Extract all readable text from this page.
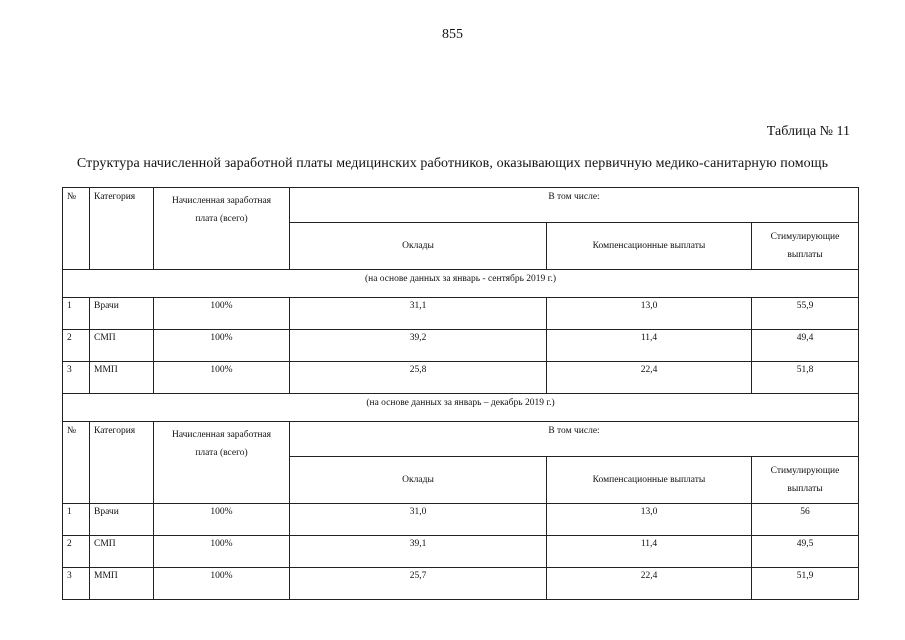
855
Таблица № 11
Структура начисленной заработной платы медицинских работников, оказывающих первичную медико-санитарную помощь
№	Категория	Начисленная заработная
плата (всего)	В том числе:		
			Оклады	Компенсационные выплаты	Стимулирующие
выплаты
(на основе данных за январь - сентябрь 2019 г.)					
1	Врачи	100%	31,1	13,0	55,9
2	СМП	100%	39,2	11,4	49,4
3	ММП	100%	25,8	22,4	51,8
(на основе данных за январь – декабрь 2019 г.)					
№	Категория	Начисленная заработная
плата (всего)	В том числе:		
			Оклады	Компенсационные выплаты	Стимулирующие
выплаты
1	Врачи	100%	31,0	13,0	56
2	СМП	100%	39,1	11,4	49,5
3	ММП	100%	25,7	22,4	51,9
